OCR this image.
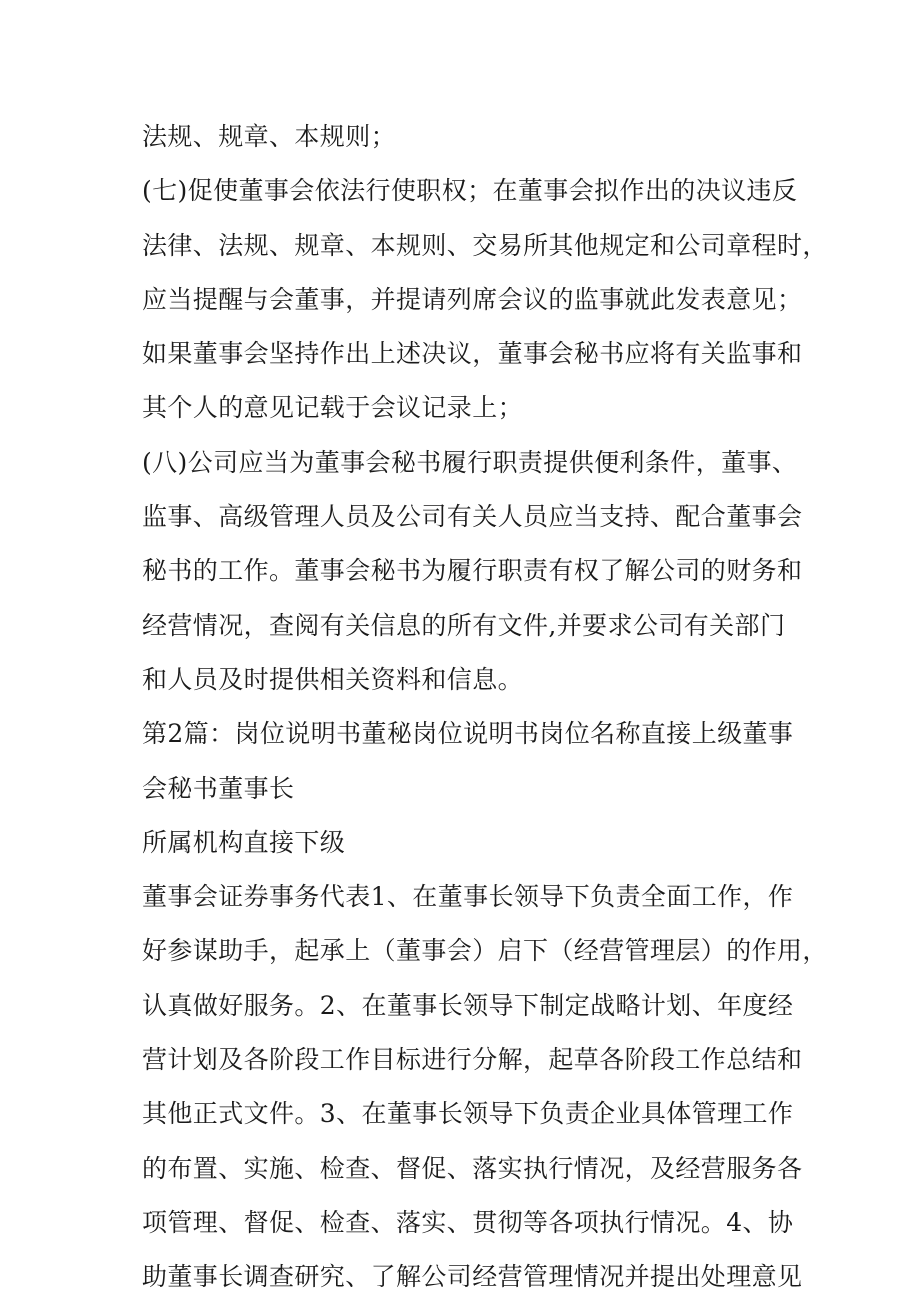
法规、规章、本规则；
(七)促使董事会依法行使职权；在董事会拟作出的决议违反
法律、法规、规章、本规则、交易所其他规定和公司章程时，
应当提醒与会董事，并提请列席会议的监事就此发表意见；
如果董事会坚持作出上述决议，董事会秘书应将有关监事和
其个人的意见记载于会议记录上；
(八)公司应当为董事会秘书履行职责提供便利条件，董事、
监事、高级管理人员及公司有关人员应当支持、配合董事会
秘书的工作。董事会秘书为履行职责有权了解公司的财务和
经营情况，查阅有关信息的所有文件,并要求公司有关部门
和人员及时提供相关资料和信息。
第2篇：岗位说明书董秘岗位说明书岗位名称直接上级董事
会秘书董事长
所属机构直接下级
董事会证券事务代表1、在董事长领导下负责全面工作，作
好参谋助手，起承上（董事会）启下（经营管理层）的作用，
认真做好服务。2、在董事长领导下制定战略计划、年度经
营计划及各阶段工作目标进行分解，起草各阶段工作总结和
其他正式文件。3、在董事长领导下负责企业具体管理工作
的布置、实施、检查、督促、落实执行情况，及经营服务各
项管理、督促、检查、落实、贯彻等各项执行情况。4、协
助董事长调查研究、了解公司经营管理情况并提出处理意见
